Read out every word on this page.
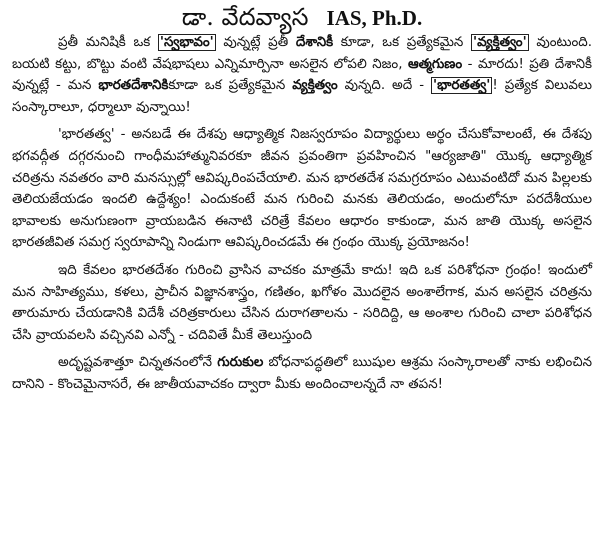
డా. వేదవ్యాస IAS, Ph.D.

ప్రతీ మనిషికీ ఒక 'స్వభావం' వున్నట్లే ప్రతీ దేశానికీ కూడా, ఒక ప్రత్యేకమైన 'వ్యక్తిత్వం' వుంటుంది. బయటి కట్టు, బొట్టు వంటి వేషభాషలు ఎన్నిమార్పినా అసలైన లోపలి నిజం, ఆత్మగుణం - మారదు! ప్రతి దేశానికీ వున్నట్లే - మన భారతదేశానికికూడా ఒక ప్రత్యేకమైన వ్యక్తిత్వం వున్నది. అదే - 'భారతత్వ' ! ప్రత్యేక విలువలు సంస్కారాలూ, ధర్మాలూ వున్నాయి!

'భారతత్వ' - అనబడే ఈ దేశపు ఆధ్యాత్మిక నిజస్వరూపం విద్యార్థులు అర్థం చేసుకోవాలంటే, ఈ దేశపు భగవద్గీత దగ్గరనుంచి గాంధీమహాత్మునివరకూ జీవన ప్రవంతిగా ప్రవహించిన "ఆర్యజాతి" యొక్క ఆధ్యాత్మిక చరిత్రను నవతరం వారి మనస్సుల్లో ఆవిష్కరింపచేయాలి. మన భారతదేశ సమగ్రరూపం ఎటువంటిదో మన పిల్లలకు తెలియజేయడం ఇందలి ఉద్దేశ్యం! ఎందుకంటే మన గురించి మనకు తెలియడం, అందులోనూ పరదేశీయుల భావాలకు అనుగుణంగా వ్రాయబడిన ఈనాటి చరిత్రే కేవలం ఆధారం కాకుండా, మన జాతి యొక్క అసలైన భారతజీవిత సమగ్ర స్వరూపాన్ని నిండుగా ఆవిష్కరించడమే ఈ గ్రంథం యొక్క ప్రయోజనం!

ఇది కేవలం భారతదేశం గురించి వ్రాసిన వాచకం మాత్రమే కాదు! ఇది ఒక పరిశోధనా గ్రంథం! ఇందులో మన సాహిత్యము, కళలు, ప్రాచీన విజ్ఞానశాస్త్రం, గణితం, ఖగోళం మొదలైన అంశాలేగాక, మన అసలైన చరిత్రను తారుమారు చేయడానికి విదేశీ చరిత్రకారులు చేసిన దురాగతాలను - సరిదిద్ది, ఆ అంశాల గురించి చాలా పరిశోధన చేసి వ్రాయవలసి వచ్చినవి ఎన్నో - చదివితే మీకే తెలుస్తుంది

అదృష్టవశాత్తూ చిన్నతనంలోనే గురుకుల బోధనాపద్ధతిలో ఋషుల ఆశ్రమ సంస్కారాలతో నాకు లభించిన దానిని - కొంచెమైనాసరే, ఈ జాతీయవాచకం ద్వారా మీకు అందించాలన్నదే నా తపన!
